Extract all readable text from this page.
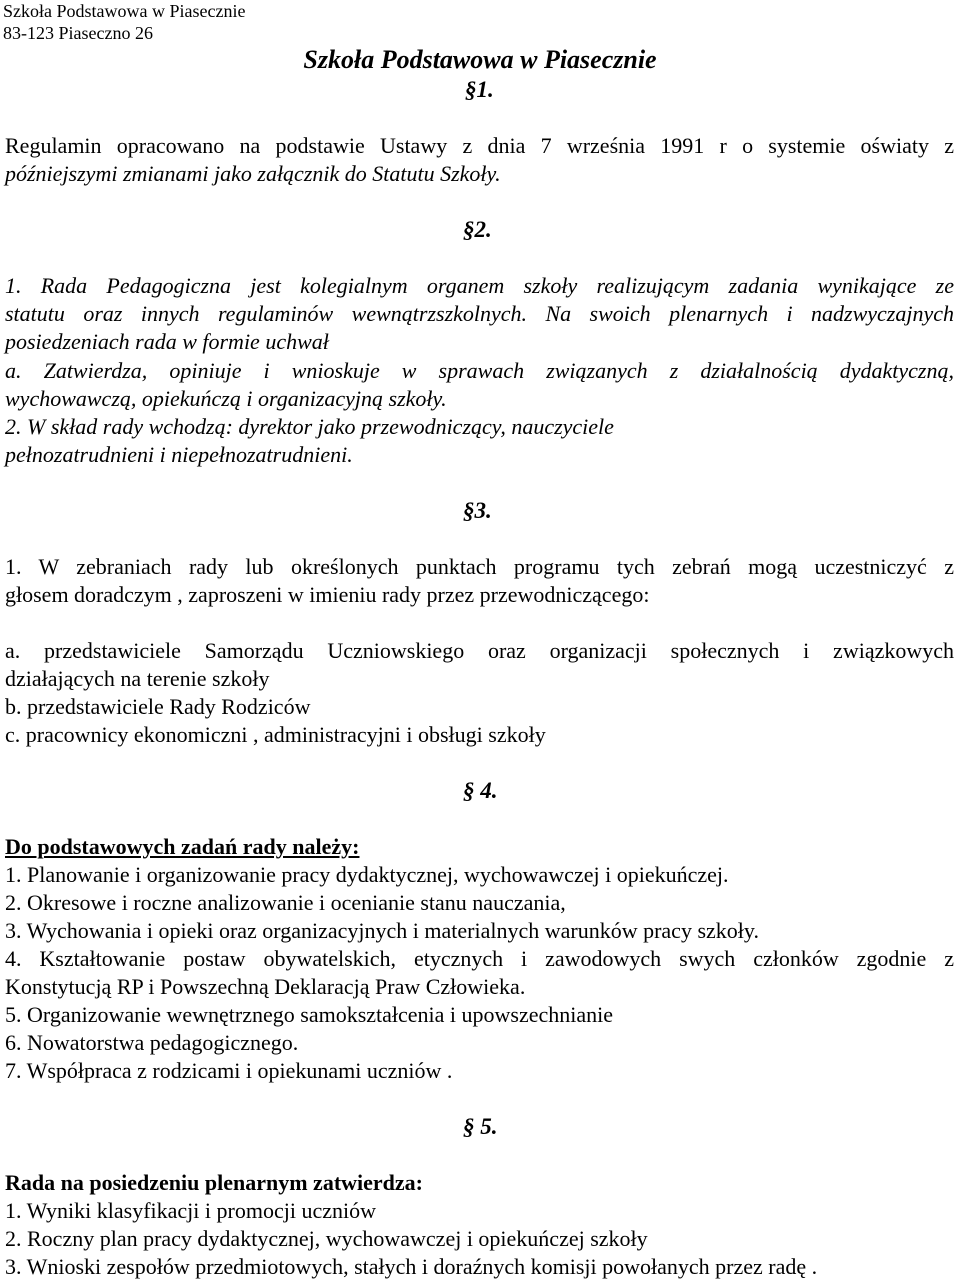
Szkoła Podstawowa w Piasecznie
83-123 Piaseczno 26
Szkoła Podstawowa w Piasecznie
§1.
Regulamin opracowano na podstawie Ustawy z dnia 7 września 1991 r o systemie oświaty z
późniejszymi zmianami jako załącznik do Statutu Szkoły.
§2.
1. Rada Pedagogiczna jest kolegialnym organem szkoły realizującym zadania wynikające ze
statutu oraz innych regulaminów wewnątrzszkolnych. Na swoich plenarnych i nadzwyczajnych
posiedzeniach rada w formie uchwał
a. Zatwierdza, opiniuje i wnioskuje w sprawach związanych z działalnością dydaktyczną,
wychowawczą, opiekuńczą i organizacyjną szkoły.
2. W skład rady wchodzą: dyrektor jako przewodniczący, nauczyciele
pełnozatrudnieni i niepełnozatrudnieni.
§3.
1. W zebraniach rady lub określonych punktach programu tych zebrań mogą uczestniczyć z
głosem doradczym , zaproszeni w imieniu rady przez przewodniczącego:
a. przedstawiciele Samorządu Uczniowskiego oraz organizacji społecznych i związkowych
działających na terenie szkoły
b. przedstawiciele Rady Rodziców
c. pracownicy ekonomiczni , administracyjni i obsługi szkoły
§ 4.
Do podstawowych zadań rady należy:
1. Planowanie i organizowanie pracy dydaktycznej, wychowawczej i opiekuńczej.
2. Okresowe i roczne analizowanie i ocenianie stanu nauczania,
3. Wychowania i opieki oraz organizacyjnych i materialnych warunków pracy szkoły.
4. Kształtowanie postaw obywatelskich, etycznych i zawodowych swych członków zgodnie z
Konstytucją RP i Powszechną Deklaracją Praw Człowieka.
5. Organizowanie wewnętrznego samokształcenia i upowszechnianie
6. Nowatorstwa pedagogicznego.
7. Współpraca z rodzicami i opiekunami uczniów .
§ 5.
Rada na posiedzeniu plenarnym zatwierdza:
1. Wyniki klasyfikacji i promocji uczniów
2. Roczny plan pracy dydaktycznej, wychowawczej i opiekuńczej szkoły
3. Wnioski zespołów przedmiotowych, stałych i doraźnych komisji powołanych przez radę .
